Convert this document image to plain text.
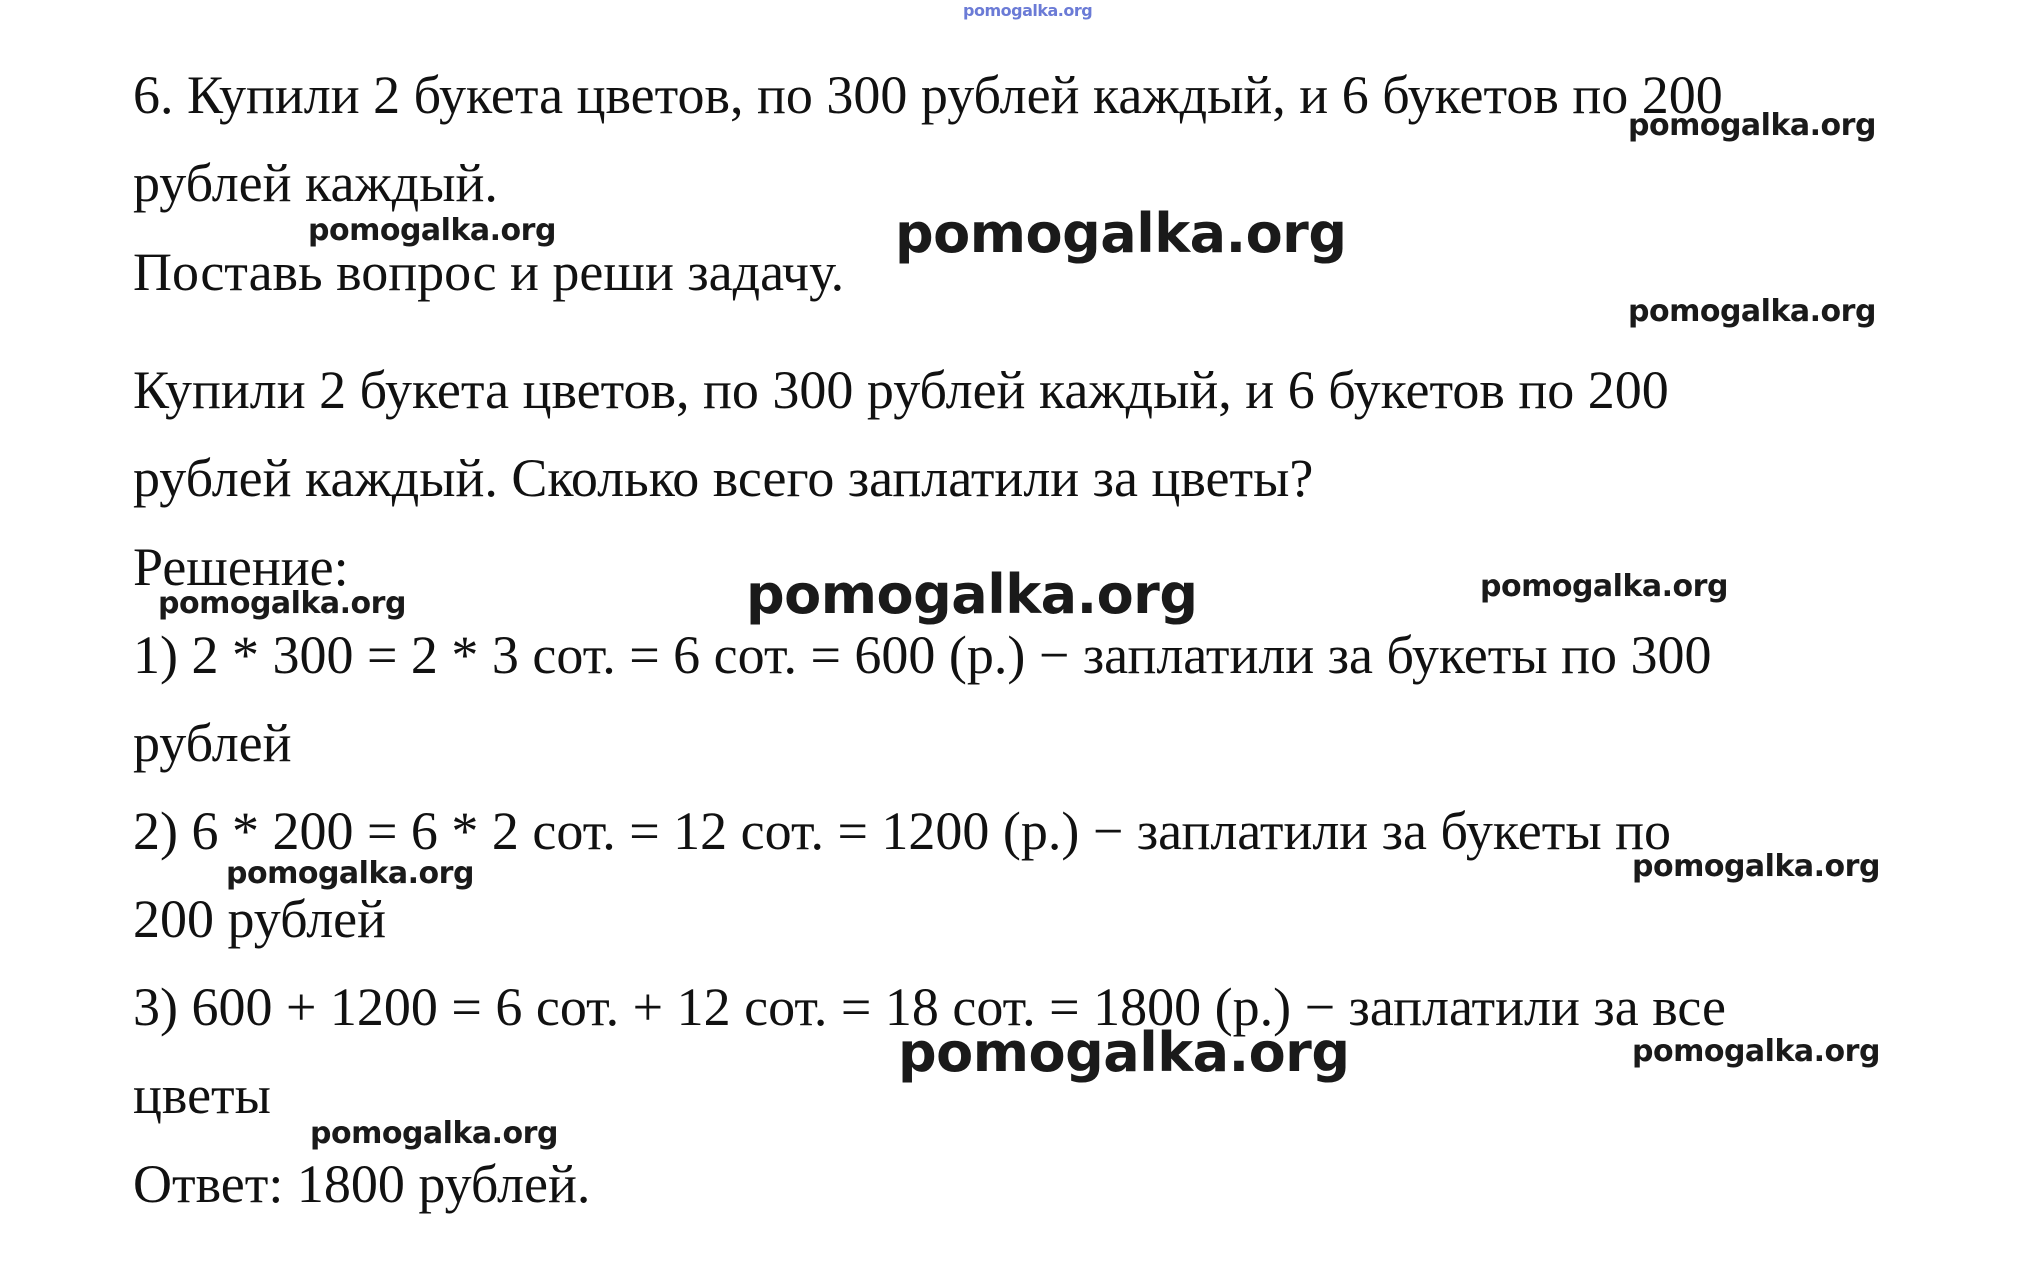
6. Купили 2 букета цветов, по 300 рублей каждый, и 6 букетов по 200

рублей каждый.

Поставь вопрос и реши задачу.

Купили 2 букета цветов, по 300 рублей каждый, и 6 букетов по 200

рублей каждый. Сколько всего заплатили за цветы?

Решение:

1) 2 * 300 = 2 * 3 сот. = 6 сот. = 600 (р.) − заплатили за букеты по 300

рублей

2) 6 * 200 = 6 * 2 сот. = 12 сот. = 1200 (р.) − заплатили за букеты по

200 рублей

3) 600 + 1200 = 6 сот. + 12 сот. = 18 сот. = 1800 (р.) − заплатили за все

цветы

Ответ: 1800 рублей.

pomogalka.org
pomogalka.org
pomogalka.org	pomogalka.org
pomogalka.org
pomogalka.org	pomogalka.org	pomogalka.org
pomogalka.org	pomogalka.org
pomogalka.org	pomogalka.org
pomogalka.org
